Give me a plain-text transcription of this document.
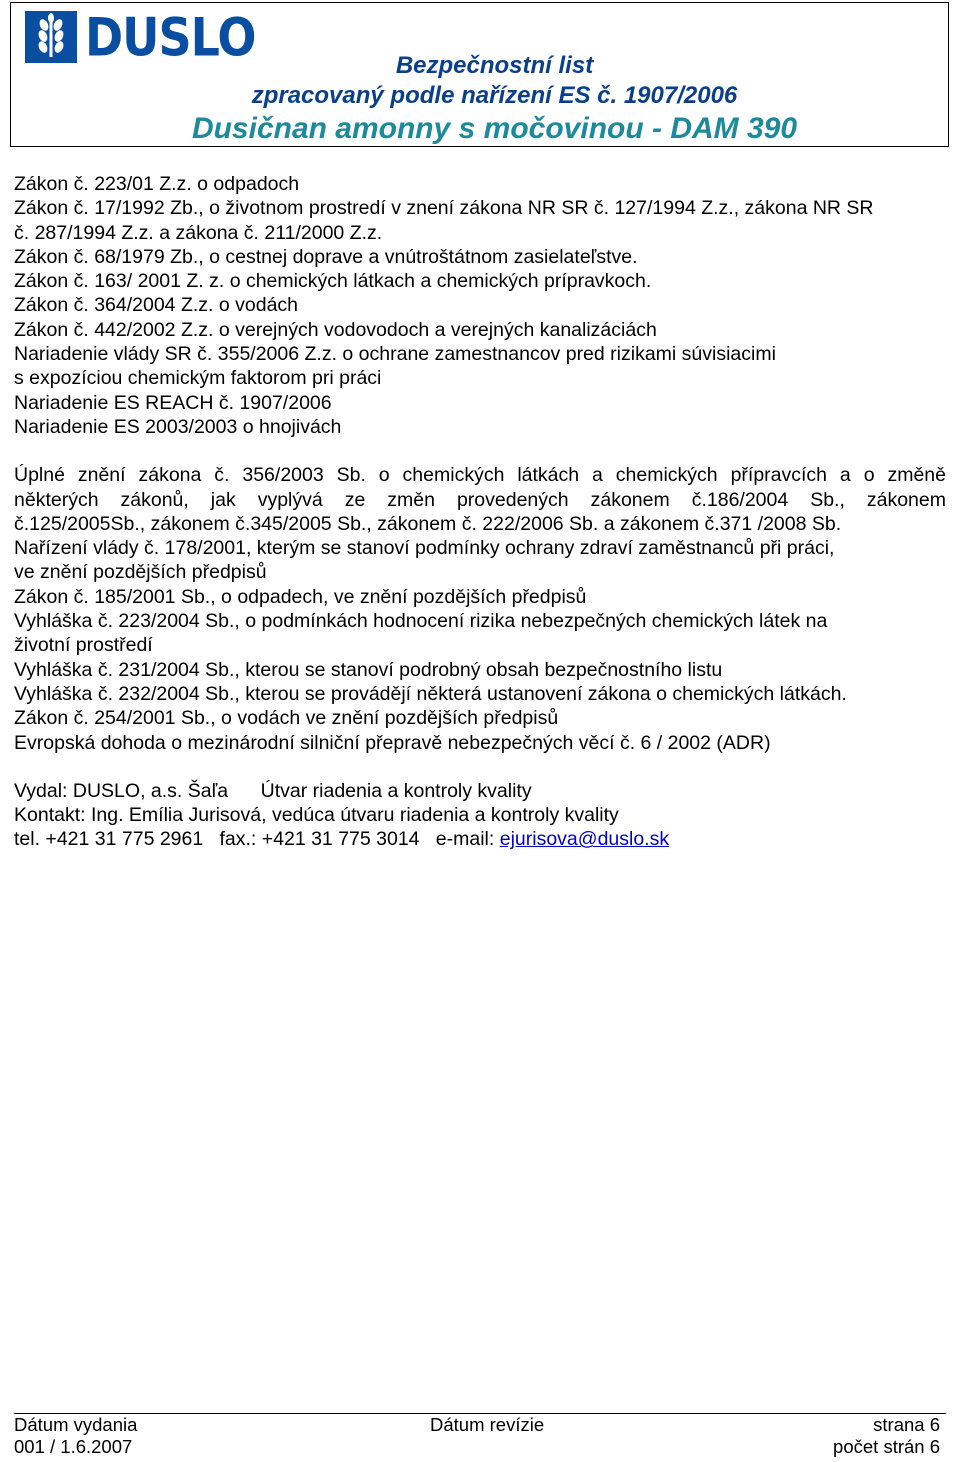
DUSLO	Bezpečnostní list
zpracovaný podle nařízení ES č. 1907/2006
Dusičnan amonny s močovinou - DAM 390
Zákon č. 223/01 Z.z. o odpadoch
Zákon č. 17/1992 Zb., o životnom prostredí v znení zákona NR SR č. 127/1994 Z.z., zákona NR SR
č. 287/1994 Z.z. a zákona č. 211/2000 Z.z.
Zákon č. 68/1979 Zb., o cestnej doprave a vnútroštátnom zasielateľstve.
Zákon č. 163/ 2001 Z. z. o chemických látkach a chemických prípravkoch.
Zákon č. 364/2004 Z.z. o vodách
Zákon č. 442/2002 Z.z. o verejných vodovodoch a verejných kanalizáciách
Nariadenie vlády SR č. 355/2006 Z.z. o ochrane zamestnancov pred rizikami súvisiacimi
s expozíciou chemickým faktorom pri práci
Nariadenie ES REACH č. 1907/2006
Nariadenie ES 2003/2003 o hnojivách
Úplné znění zákona č. 356/2003 Sb. o chemických látkách a chemických přípravcích a o změně
některých zákonů, jak vyplývá ze změn provedených zákonem č.186/2004 Sb., zákonem
č.125/2005Sb., zákonem č.345/2005 Sb., zákonem č. 222/2006 Sb. a zákonem č.371 /2008 Sb.
Nařízení vlády č. 178/2001, kterým se stanoví podmínky ochrany zdraví zaměstnanců při práci,
ve znění pozdějších předpisů
Zákon č. 185/2001 Sb., o odpadech, ve znění pozdějších předpisů
Vyhláška č. 223/2004 Sb., o podmínkách hodnocení rizika nebezpečných chemických látek na
životní prostředí
Vyhláška č. 231/2004 Sb., kterou se stanoví podrobný obsah bezpečnostního listu
Vyhláška č. 232/2004 Sb., kterou se provádějí některá ustanovení zákona o chemických látkách.
Zákon č. 254/2001 Sb., o vodách ve znění pozdějších předpisů
Evropská dohoda o mezinárodní silniční přepravě nebezpečných věcí č. 6 / 2002 (ADR)
Vydal: DUSLO, a.s. Šaľa Útvar riadenia a kontroly kvality
Kontakt: Ing. Emília Jurisová, vedúca útvaru riadenia a kontroly kvality
tel. +421 31 775 2961 fax.: +421 31 775 3014 e-mail: ejurisova@duslo.sk
Dátum vydania	Dátum revízie	strana 6
001 / 1.6.2007	počet strán 6
